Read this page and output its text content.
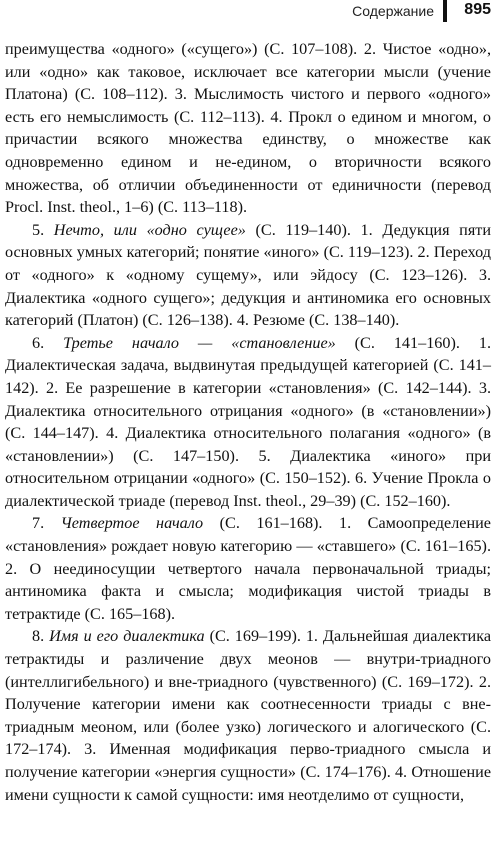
Содержание 895

преимущества «одного» («сущего») (С. 107–108). 2. Чистое «одно», или «одно» как таковое, исключает все категории мысли (учение Платона) (С. 108–112). 3. Мыслимость чистого и первого «одного» есть его немыслимость (С. 112–113). 4. Прокл о едином и многом, о причастии всякого множества единству, о множестве как одновременно едином и не-едином, о вторичности всякого множества, об отличии объединенности от единичности (перевод Procl. Inst. theol., 1–6) (С. 113–118).

5. Нечто, или «одно сущее» (С. 119–140). 1. Дедукция пяти основных умных категорий; понятие «иного» (С. 119–123). 2. Переход от «одного» к «одному сущему», или эйдосу (С. 123–126). 3. Диалектика «одного сущего»; дедукция и антиномика его основных категорий (Платон) (С. 126–138). 4. Резюме (С. 138–140).

6. Третье начало — «становление» (С. 141–160). 1. Диалектическая задача, выдвинутая предыдущей категорией (С. 141–142). 2. Ее разрешение в категории «становления» (С. 142–144). 3. Диалектика относительного отрицания «одного» (в «становлении») (С. 144–147). 4. Диалектика относительного полагания «одного» (в «становлении») (С. 147–150). 5. Диалектика «иного» при относительном отрицании «одного» (С. 150–152). 6. Учение Прокла о диалектической триаде (перевод Inst. theol., 29–39) (С. 152–160).

7. Четвертое начало (С. 161–168). 1. Самоопределение «становления» рождает новую категорию — «ставшего» (С. 161–165). 2. О неединосущии четвертого начала первоначальной триады; антиномика факта и смысла; модификация чистой триады в тетрактиде (С. 165–168).

8. Имя и его диалектика (С. 169–199). 1. Дальнейшая диалектика тетрактиды и различение двух меонов — внутри-триадного (интеллигибельного) и вне-триадного (чувственного) (С. 169–172). 2. Получение категории имени как соотнесенности триады с вне-триадным меоном, или (более узко) логического и алогического (С. 172–174). 3. Именная модификация перво-триадного смысла и получение категории «энергия сущности» (С. 174–176). 4. Отношение имени сущности к самой сущности: имя неотделимо от сущности,
